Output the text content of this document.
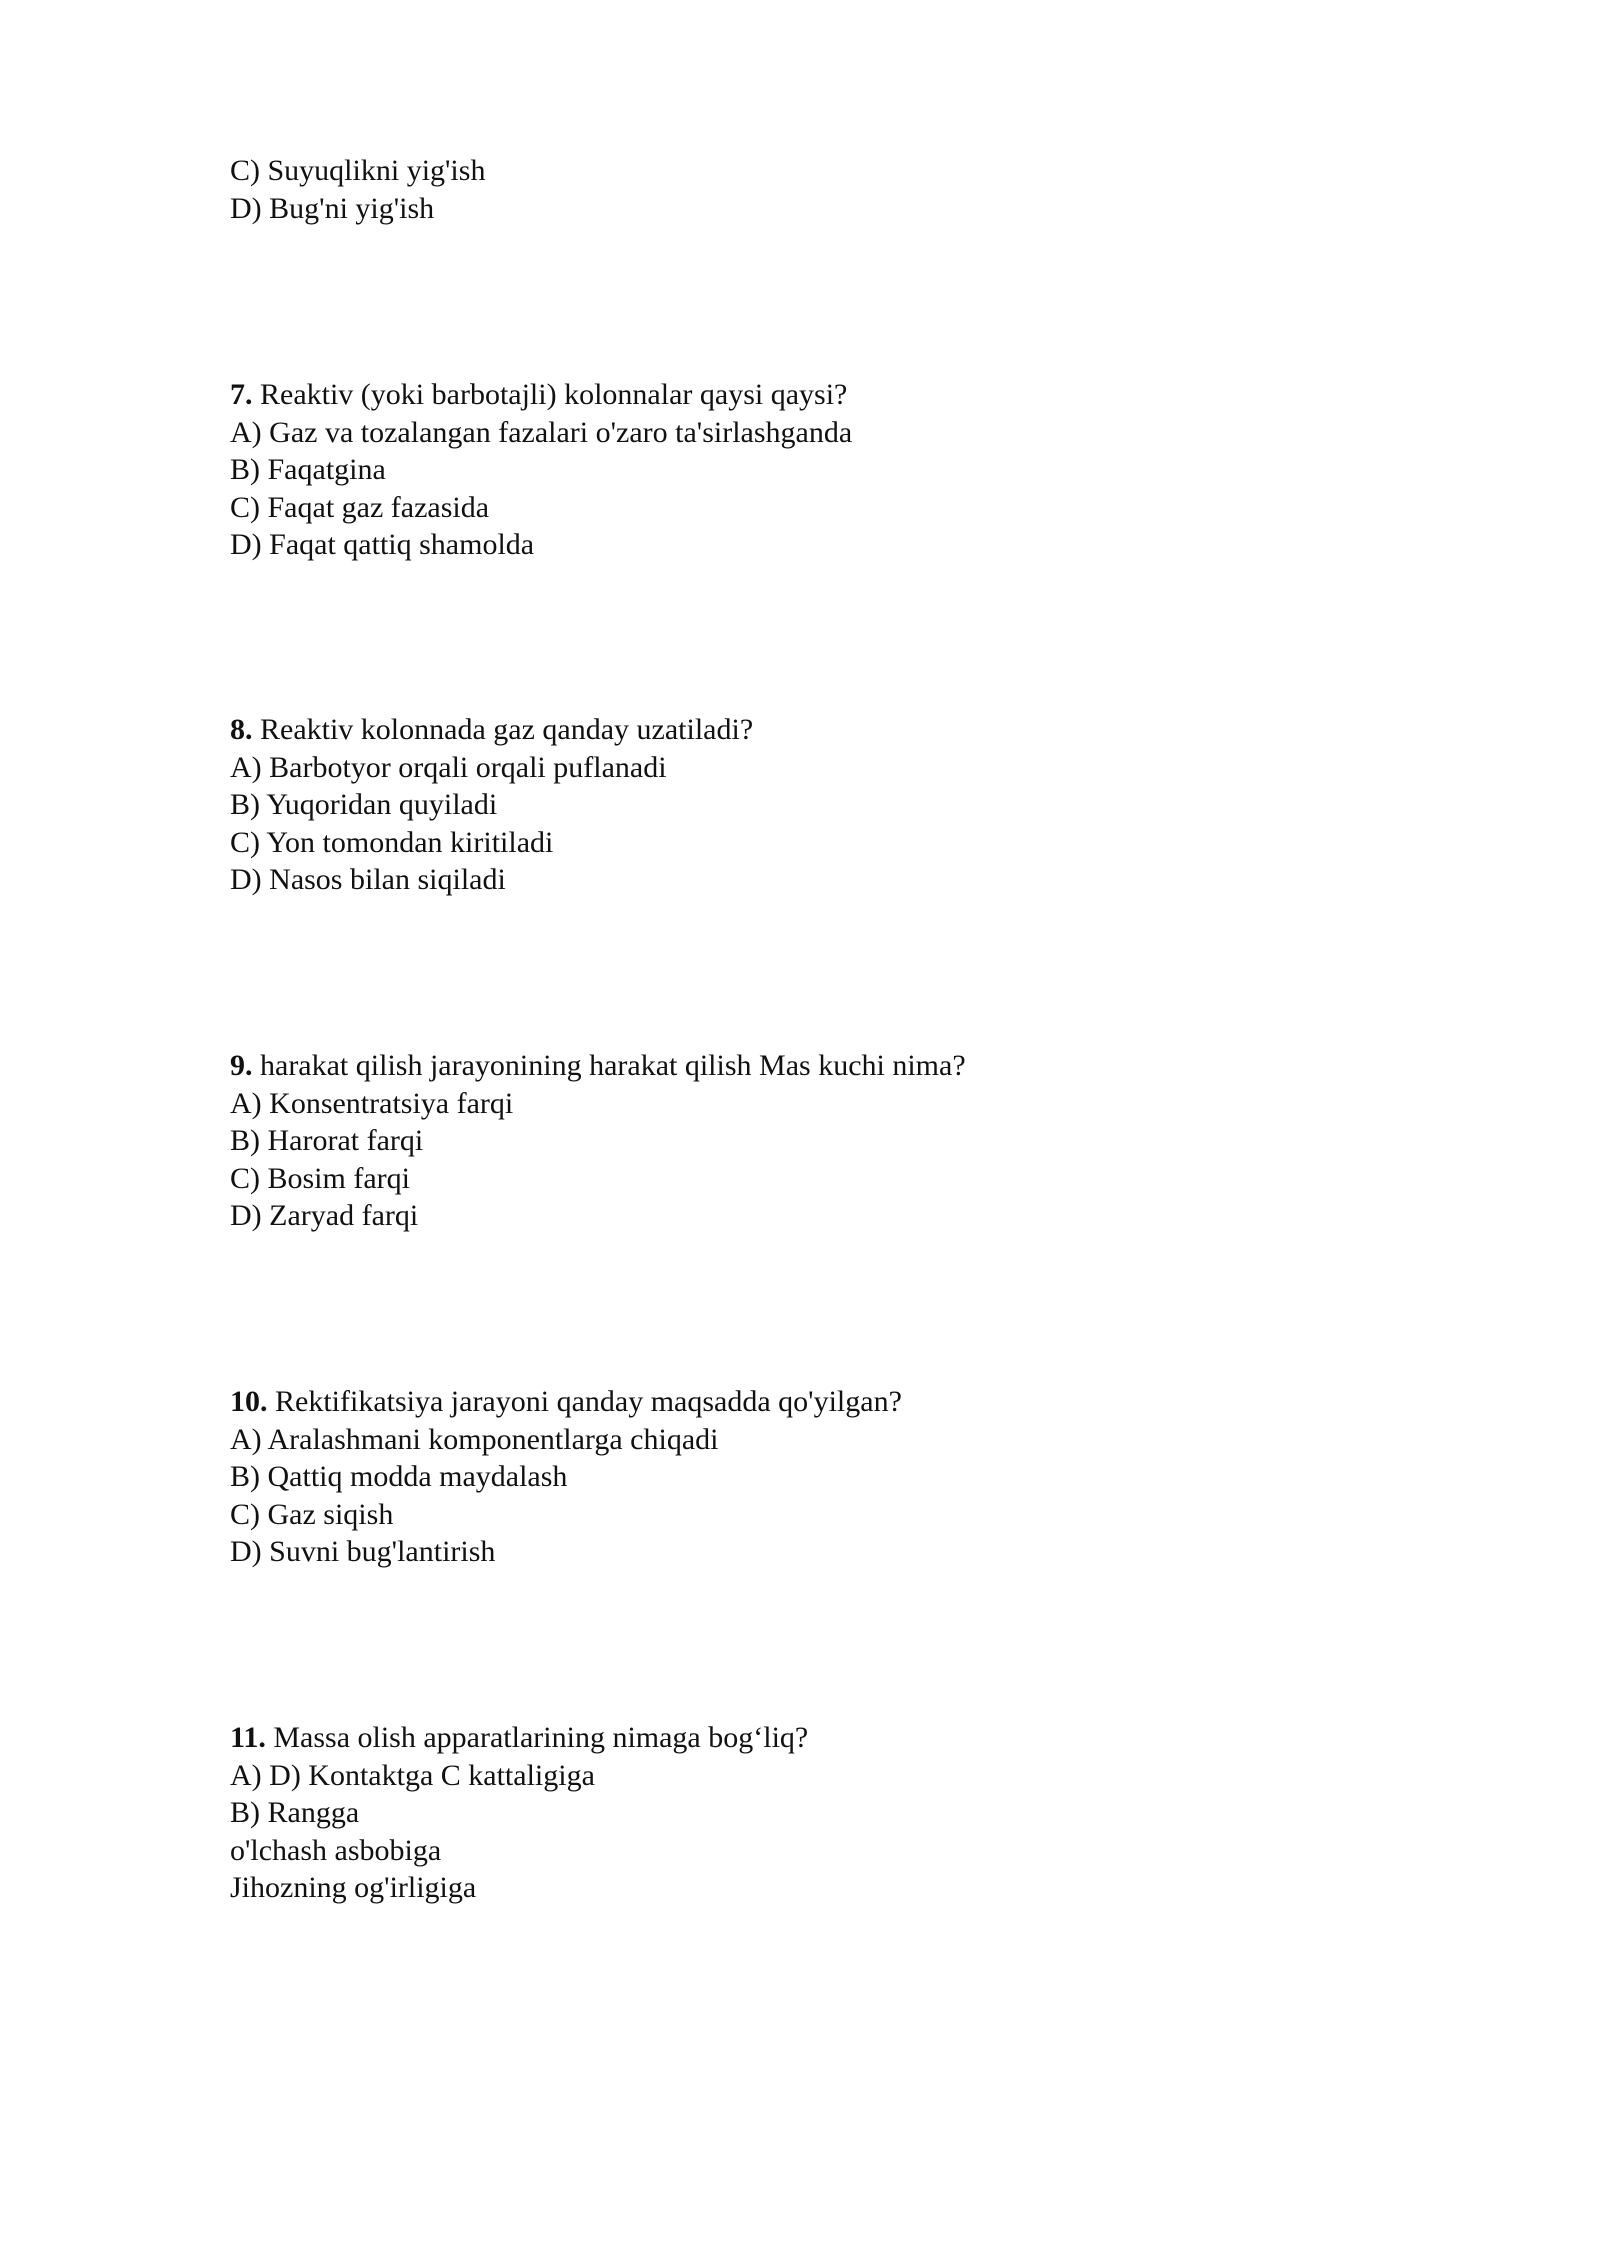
C) Suyuqlikni yig'ish
D) Bug'ni yig'ish
7. Reaktiv (yoki barbotajli) kolonnalar qaysi qaysi?
A) Gaz va tozalangan fazalari o'zaro ta'sirlashganda
B) Faqatgina
C) Faqat gaz fazasida
D) Faqat qattiq shamolda
8. Reaktiv kolonnada gaz qanday uzatiladi?
A) Barbotyor orqali orqali puflanadi
B) Yuqoridan quyiladi
C) Yon tomondan kiritiladi
D) Nasos bilan siqiladi
9. harakat qilish jarayonining harakat qilish Mas kuchi nima?
A) Konsentratsiya farqi
B) Harorat farqi
C) Bosim farqi
D) Zaryad farqi
10. Rektifikatsiya jarayoni qanday maqsadda qo'yilgan?
A) Aralashmani komponentlarga chiqadi
B) Qattiq modda maydalash
C) Gaz siqish
D) Suvni bug'lantirish
11. Massa olish apparatlarining nimaga bog‘liq?
A) D) Kontaktga C kattaligiga
B) Rangga
o'lchash asbobiga
Jihozning og'irligiga
